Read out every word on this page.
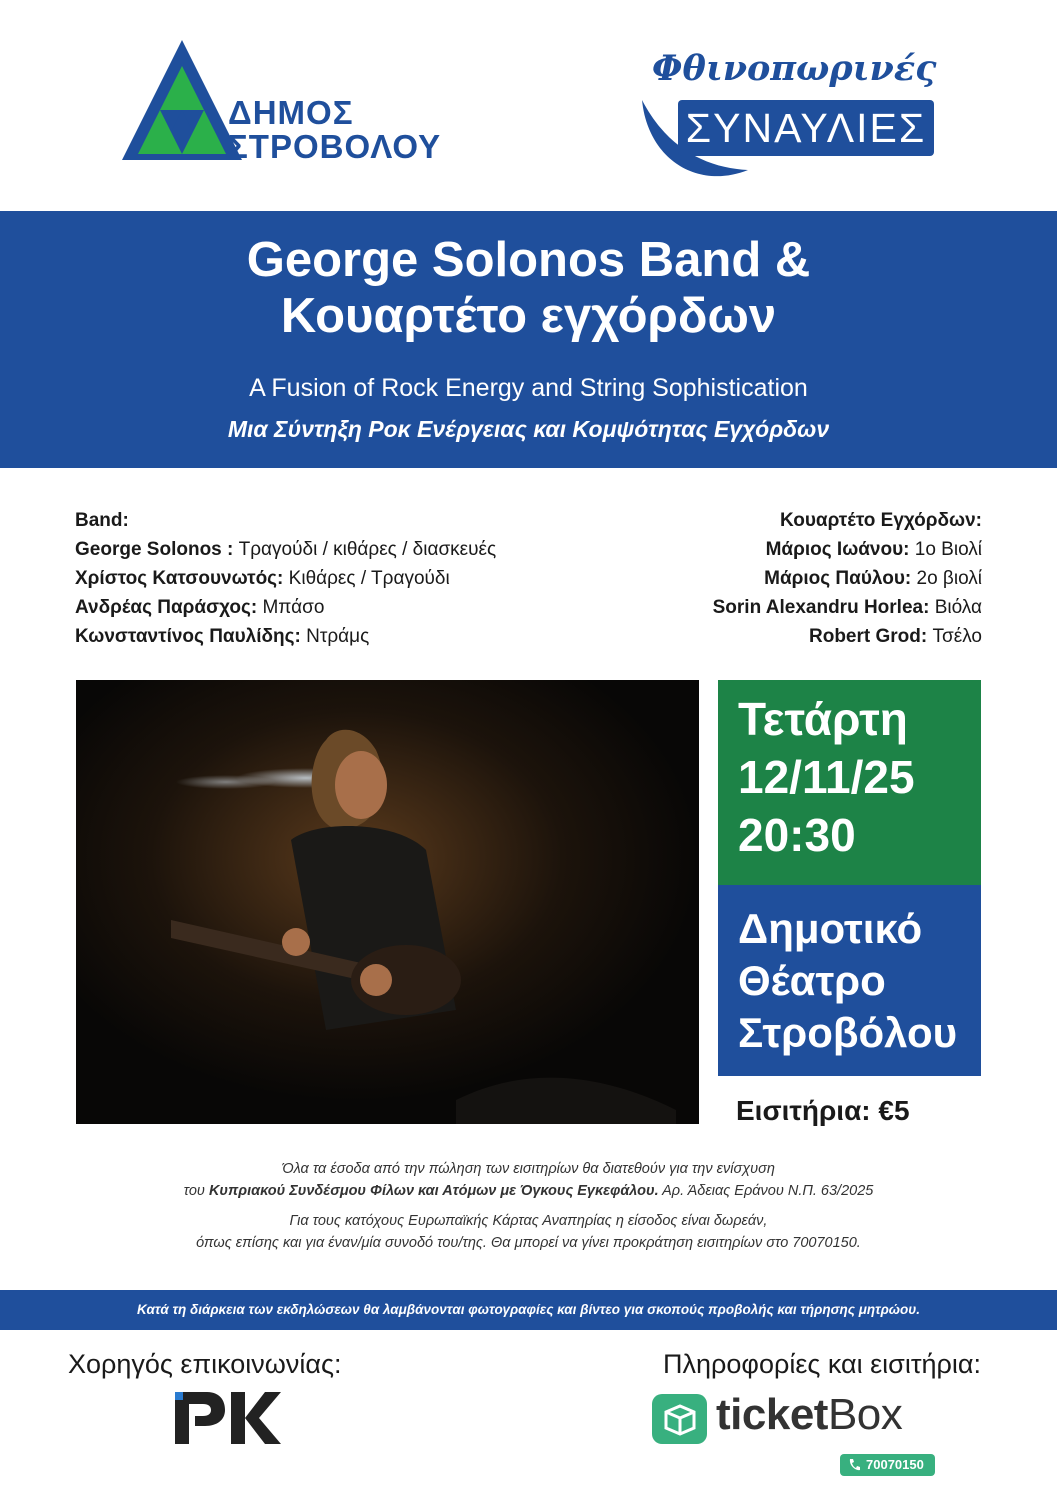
ΔΗΜΟΣ
ΣΤΡΟΒΟΛΟΥ
Φθινοπωρινές
ΣΥΝΑΥΛΙΕΣ
George Solonos Band &
Κουαρτέτο εγχόρδων
A Fusion of Rock Energy and String Sophistication
Μια Σύντηξη Ροκ Ενέργειας και Κομψότητας Εγχόρδων
Band:
George Solonos : Τραγούδι / κιθάρες / διασκευές
Χρίστος Κατσουνωτός: Κιθάρες / Τραγούδι
Ανδρέας Παράσχος: Μπάσο
Κωνσταντίνος Παυλίδης: Ντράμς
Κουαρτέτο Εγχόρδων:
Μάριος Ιωάνου: 1ο Βιολί
Μάριος Παύλου: 2ο βιολί
Sorin Alexandru Horlea: Βιόλα
Robert Grod: Τσέλο
Τετάρτη
12/11/25
20:30
Δημοτικό
Θέατρο
Στροβόλου
Εισιτήρια: €5
Όλα τα έσοδα από την πώληση των εισιτηρίων θα διατεθούν για την ενίσχυση
του Κυπριακού Συνδέσμου Φίλων και Ατόμων με Όγκους Εγκεφάλου. Αρ. Άδειας Εράνου Ν.Π. 63/2025
Για τους κατόχους Ευρωπαϊκής Κάρτας Αναπηρίας η είσοδος είναι δωρεάν,
όπως επίσης και για έναν/μία συνοδό του/της. Θα μπορεί να γίνει προκράτηση εισιτηρίων στο 70070150.
Κατά τη διάρκεια των εκδηλώσεων θα λαμβάνονται φωτογραφίες και βίντεο για σκοπούς προβολής και τήρησης μητρώου.
Χορηγός επικοινωνίας:	Πληροφορίες και εισιτήρια:
ticketBox
70070150
